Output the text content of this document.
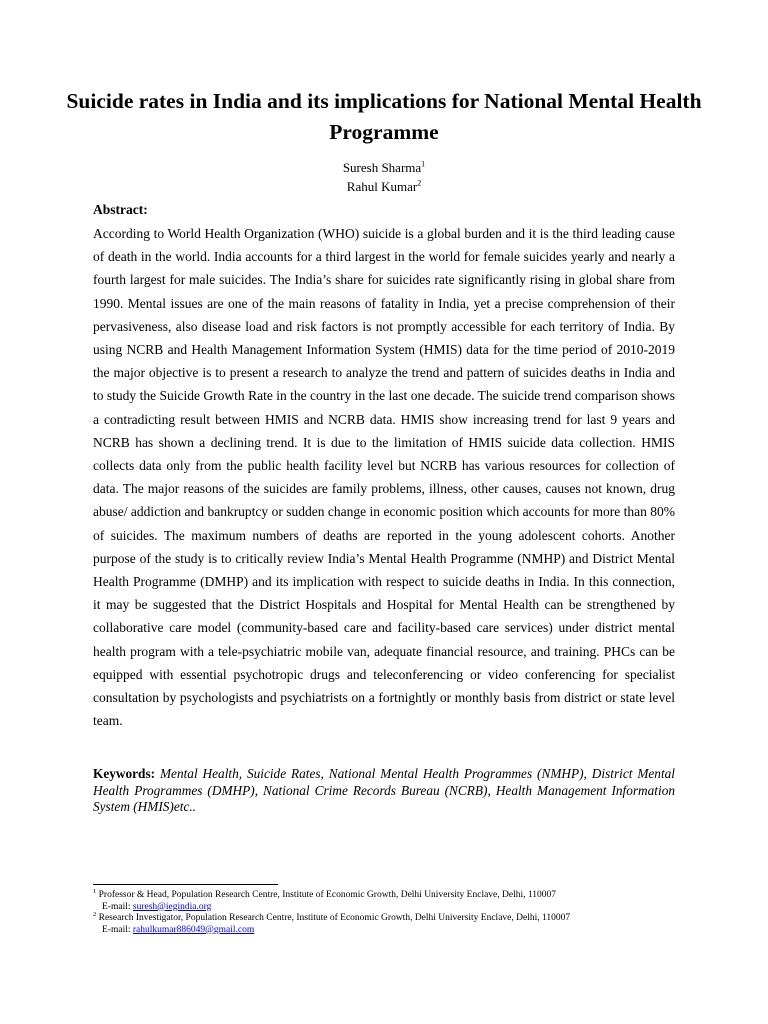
Suicide rates in India and its implications for National Mental Health Programme
Suresh Sharma$^1$
Rahul Kumar$^2$
Abstract:

According to World Health Organization (WHO) suicide is a global burden and it is the third leading cause of death in the world. India accounts for a third largest in the world for female suicides yearly and nearly a fourth largest for male suicides. The India’s share for suicides rate significantly rising in global share from 1990. Mental issues are one of the main reasons of fatality in India, yet a precise comprehension of their pervasiveness, also disease load and risk factors is not promptly accessible for each territory of India. By using NCRB and Health Management Information System (HMIS) data for the time period of 2010-2019 the major objective is to present a research to analyze the trend and pattern of suicides deaths in India and to study the Suicide Growth Rate in the country in the last one decade. The suicide trend comparison shows a contradicting result between HMIS and NCRB data. HMIS show increasing trend for last 9 years and NCRB has shown a declining trend. It is due to the limitation of HMIS suicide data collection. HMIS collects data only from the public health facility level but NCRB has various resources for collection of data. The major reasons of the suicides are family problems, illness, other causes, causes not known, drug abuse/ addiction and bankruptcy or sudden change in economic position which accounts for more than 80% of suicides. The maximum numbers of deaths are reported in the young adolescent cohorts. Another purpose of the study is to critically review India’s Mental Health Programme (NMHP) and District Mental Health Programme (DMHP) and its implication with respect to suicide deaths in India. In this connection, it may be suggested that the District Hospitals and Hospital for Mental Health can be strengthened by collaborative care model (community-based care and facility-based care services) under district mental health program with a tele-psychiatric mobile van, adequate financial resource, and training. PHCs can be equipped with essential psychotropic drugs and teleconferencing or video conferencing for specialist consultation by psychologists and psychiatrists on a fortnightly or monthly basis from district or state level team.

Keywords: Mental Health, Suicide Rates, National Mental Health Programmes (NMHP), District Mental Health Programmes (DMHP), National Crime Records Bureau (NCRB), Health Management Information System (HMIS)etc..

$^1$ Professor & Head, Population Research Centre, Institute of Economic Growth, Delhi University Enclave, Delhi, 110007

E-mail: suresh@iegindia.org

$^2$ Research Investigator, Population Research Centre, Institute of Economic Growth, Delhi University Enclave, Delhi, 110007

E-mail: rahulkumar886049@gmail.com
